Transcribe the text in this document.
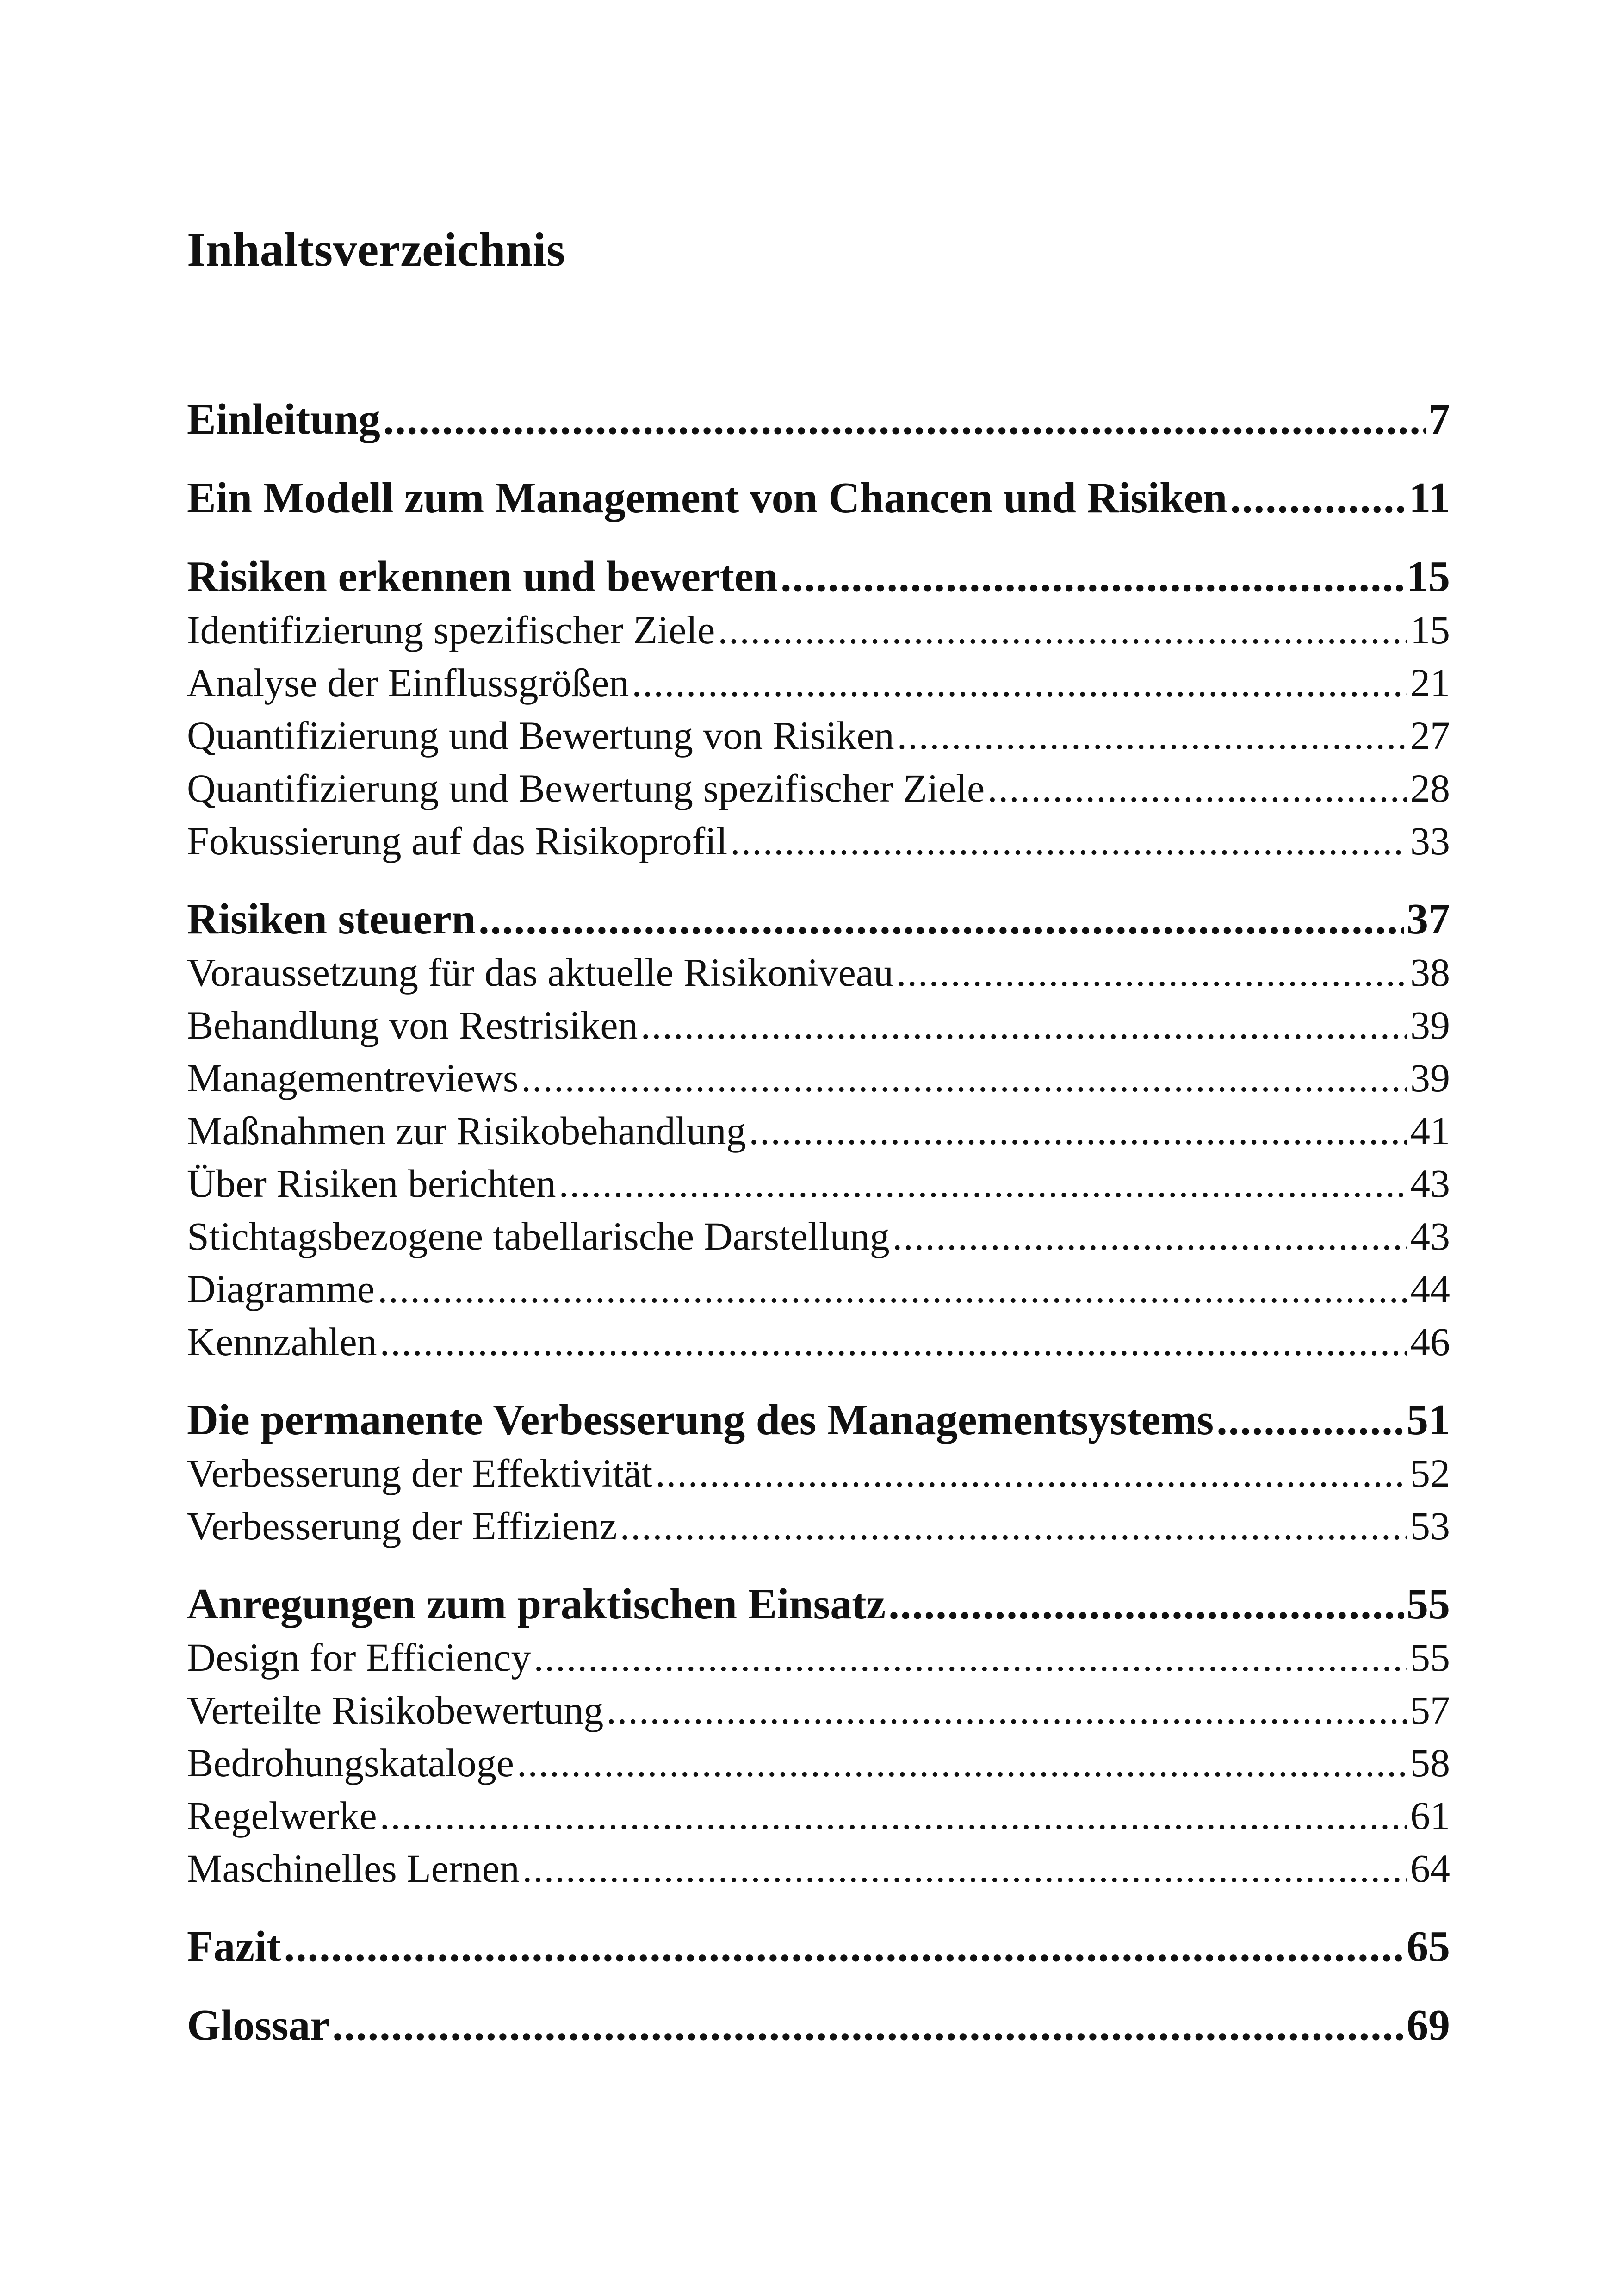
Inhaltsverzeichnis
Einleitung .....	7
Ein Modell zum Management von Chancen und Risiken .....	11
Risiken erkennen und bewerten .....	15
Identifizierung spezifischer Ziele .....	15
Analyse der Einflussgrößen .....	21
Quantifizierung und Bewertung von Risiken .....	27
Quantifizierung und Bewertung spezifischer Ziele .....	28
Fokussierung auf das Risikoprofil .....	33
Risiken steuern .....	37
Voraussetzung für das aktuelle Risikoniveau .....	38
Behandlung von Restrisiken .....	39
Managementreviews .....	39
Maßnahmen zur Risikobehandlung .....	41
Über Risiken berichten .....	43
Stichtagsbezogene tabellarische Darstellung .....	43
Diagramme .....	44
Kennzahlen .....	46
Die permanente Verbesserung des Managementsystems .....	51
Verbesserung der Effektivität .....	52
Verbesserung der Effizienz .....	53
Anregungen zum praktischen Einsatz .....	55
Design for Efficiency .....	55
Verteilte Risikobewertung .....	57
Bedrohungskataloge .....	58
Regelwerke .....	61
Maschinelles Lernen .....	64
Fazit .....	65
Glossar .....	69
